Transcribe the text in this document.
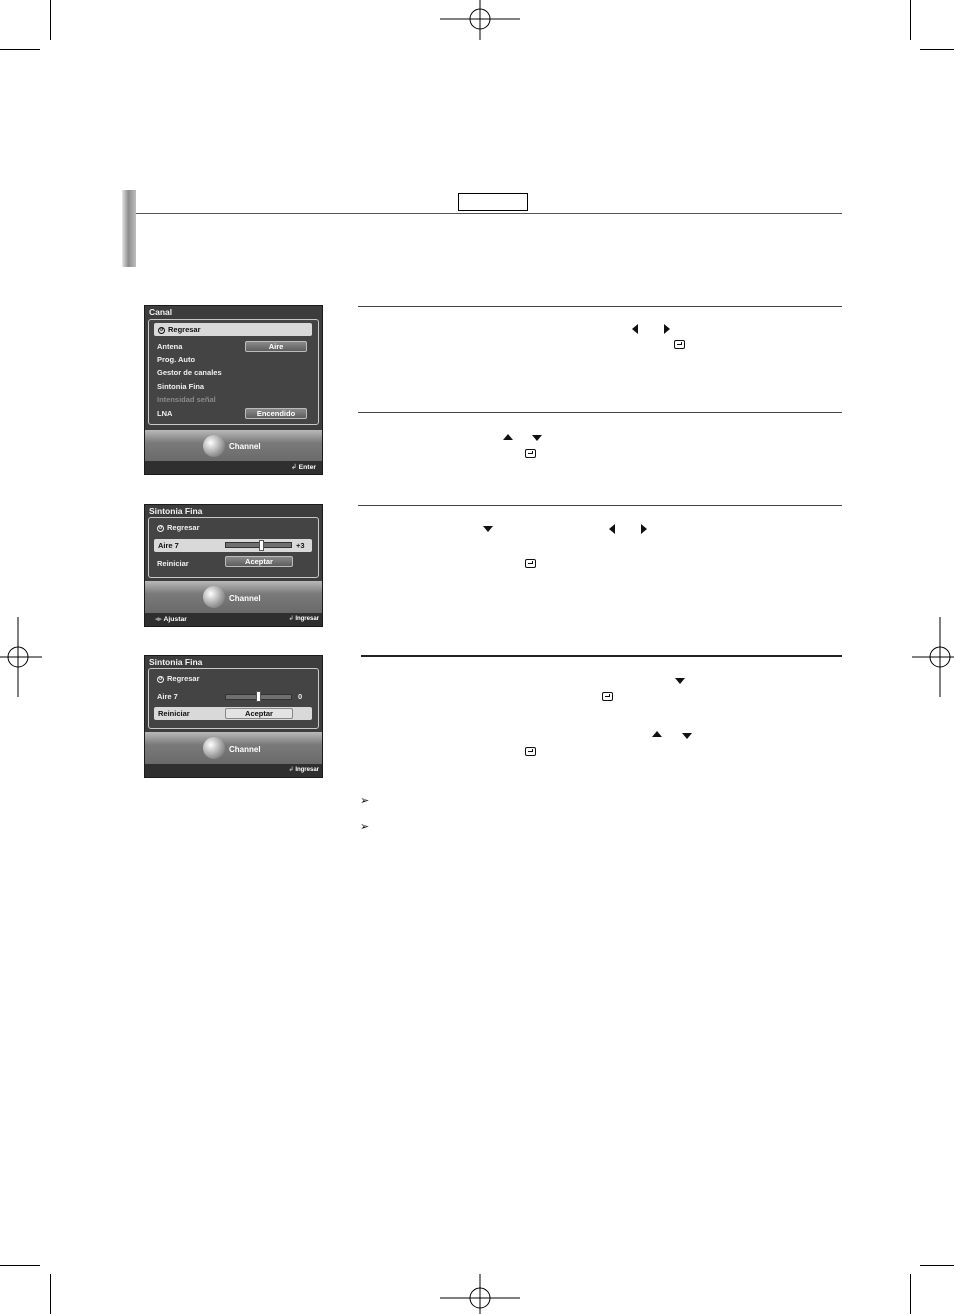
➢
➢
Canal
↺ Regresar
Antena	Aire
Prog. Auto
Gestor de canales
Sintonia Fina
Intensidad señal
LNA	Encendido
Channel
↲ Enter
Sintonia Fina
↺ Regresar
Aire 7	+3
Reiniciar	Aceptar
Channel
◂▸ Ajustar	↲ Ingresar
Sintonia Fina
↺ Regresar
Aire 7	0
Reiniciar	Aceptar
Channel
↲ Ingresar
